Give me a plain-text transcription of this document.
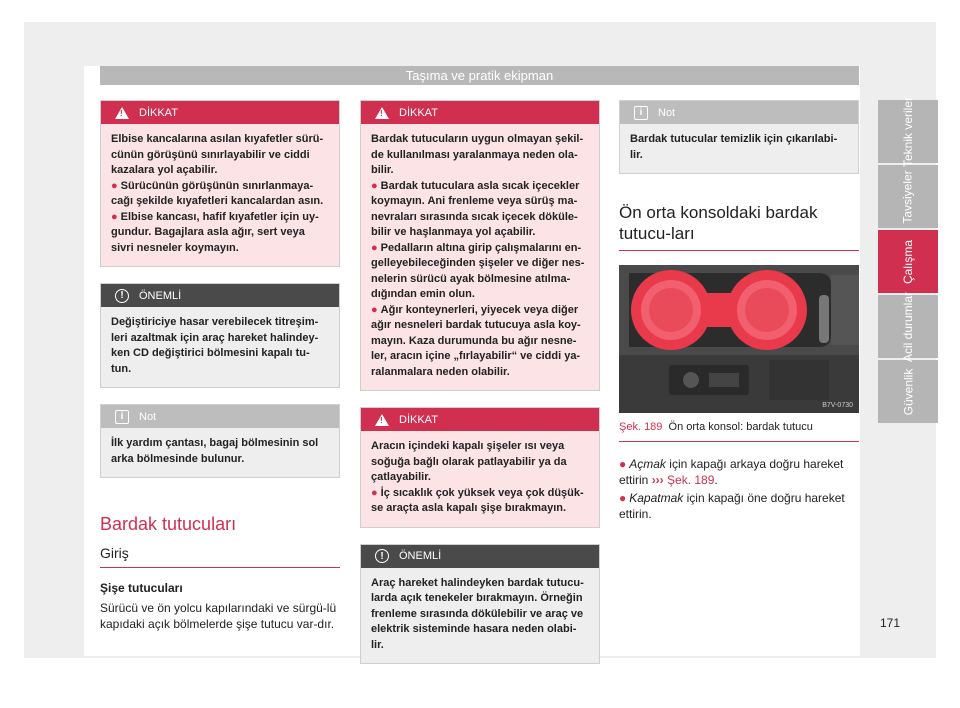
Taşıma ve pratik ekipman
!
DİKKAT

Elbise kancalarına asılan kıyafetler sürü-cünün görüşünü sınırlayabilir ve ciddi kazalara yol açabilir.

● Sürücünün görüşünün sınırlanmaya-cağı şekilde kıyafetleri kancalardan asın.

● Elbise kancası, hafif kıyafetler için uy-gundur. Bagajlara asla ağır, sert veya sivri nesneler koymayın.

!	ÖNEMLİ

Değiştiriciye hasar verebilecek titreşim-leri azaltmak için araç hareket halindey-ken CD değiştirici bölmesini kapalı tu-tun.

i	Not

İlk yardım çantası, bagaj bölmesinin sol arka bölmesinde bulunur.

Bardak tutucuları
Giriş

Şişe tutucuları

Sürücü ve ön yolcu kapılarındaki ve sürgü-lü kapıdaki açık bölmelerde şişe tutucu var-dır.

!
DİKKAT

Bardak tutucuların uygun olmayan şekil-de kullanılması yaralanmaya neden ola-bilir.

● Bardak tutuculara asla sıcak içecekler koymayın. Ani frenleme veya sürüş ma-nevraları sırasında sıcak içecek döküle-bilir ve haşlanmaya yol açabilir.

● Pedalların altına girip çalışmalarını en-gelleyebileceğinden şişeler ve diğer nes-nelerin sürücü ayak bölmesine atılma-dığından emin olun.

● Ağır konteynerleri, yiyecek veya diğer ağır nesneleri bardak tutucuya asla koy-mayın. Kaza durumunda bu ağır nesne-ler, aracın içine „fırlayabilir“ ve ciddi ya-ralanmalara neden olabilir.

!
DİKKAT

Aracın içindeki kapalı şişeler ısı veya soğuğa bağlı olarak patlayabilir ya da çatlayabilir.

● İç sıcaklık çok yüksek veya çok düşük-se araçta asla kapalı şişe bırakmayın.

!	ÖNEMLİ

Araç hareket halindeyken bardak tutucu-larda açık tenekeler bırakmayın. Örneğin frenleme sırasında dökülebilir ve araç ve elektrik sisteminde hasara neden olabi-lir.

i	Not

Bardak tutucular temizlik için çıkarılabi-lir.

Ön orta konsoldaki bardak tutucu-ları
B7V-0730

Şek. 189 Ön orta konsol: bardak tutucu

● Açmak için kapağı arkaya doğru hareket ettirin ››› Şek. 189.

● Kapatmak için kapağı öne doğru hareket ettirin.

Teknik veriler
Tavsiyeler
Çalışma
Acil durumlar
Güvenlik
171
